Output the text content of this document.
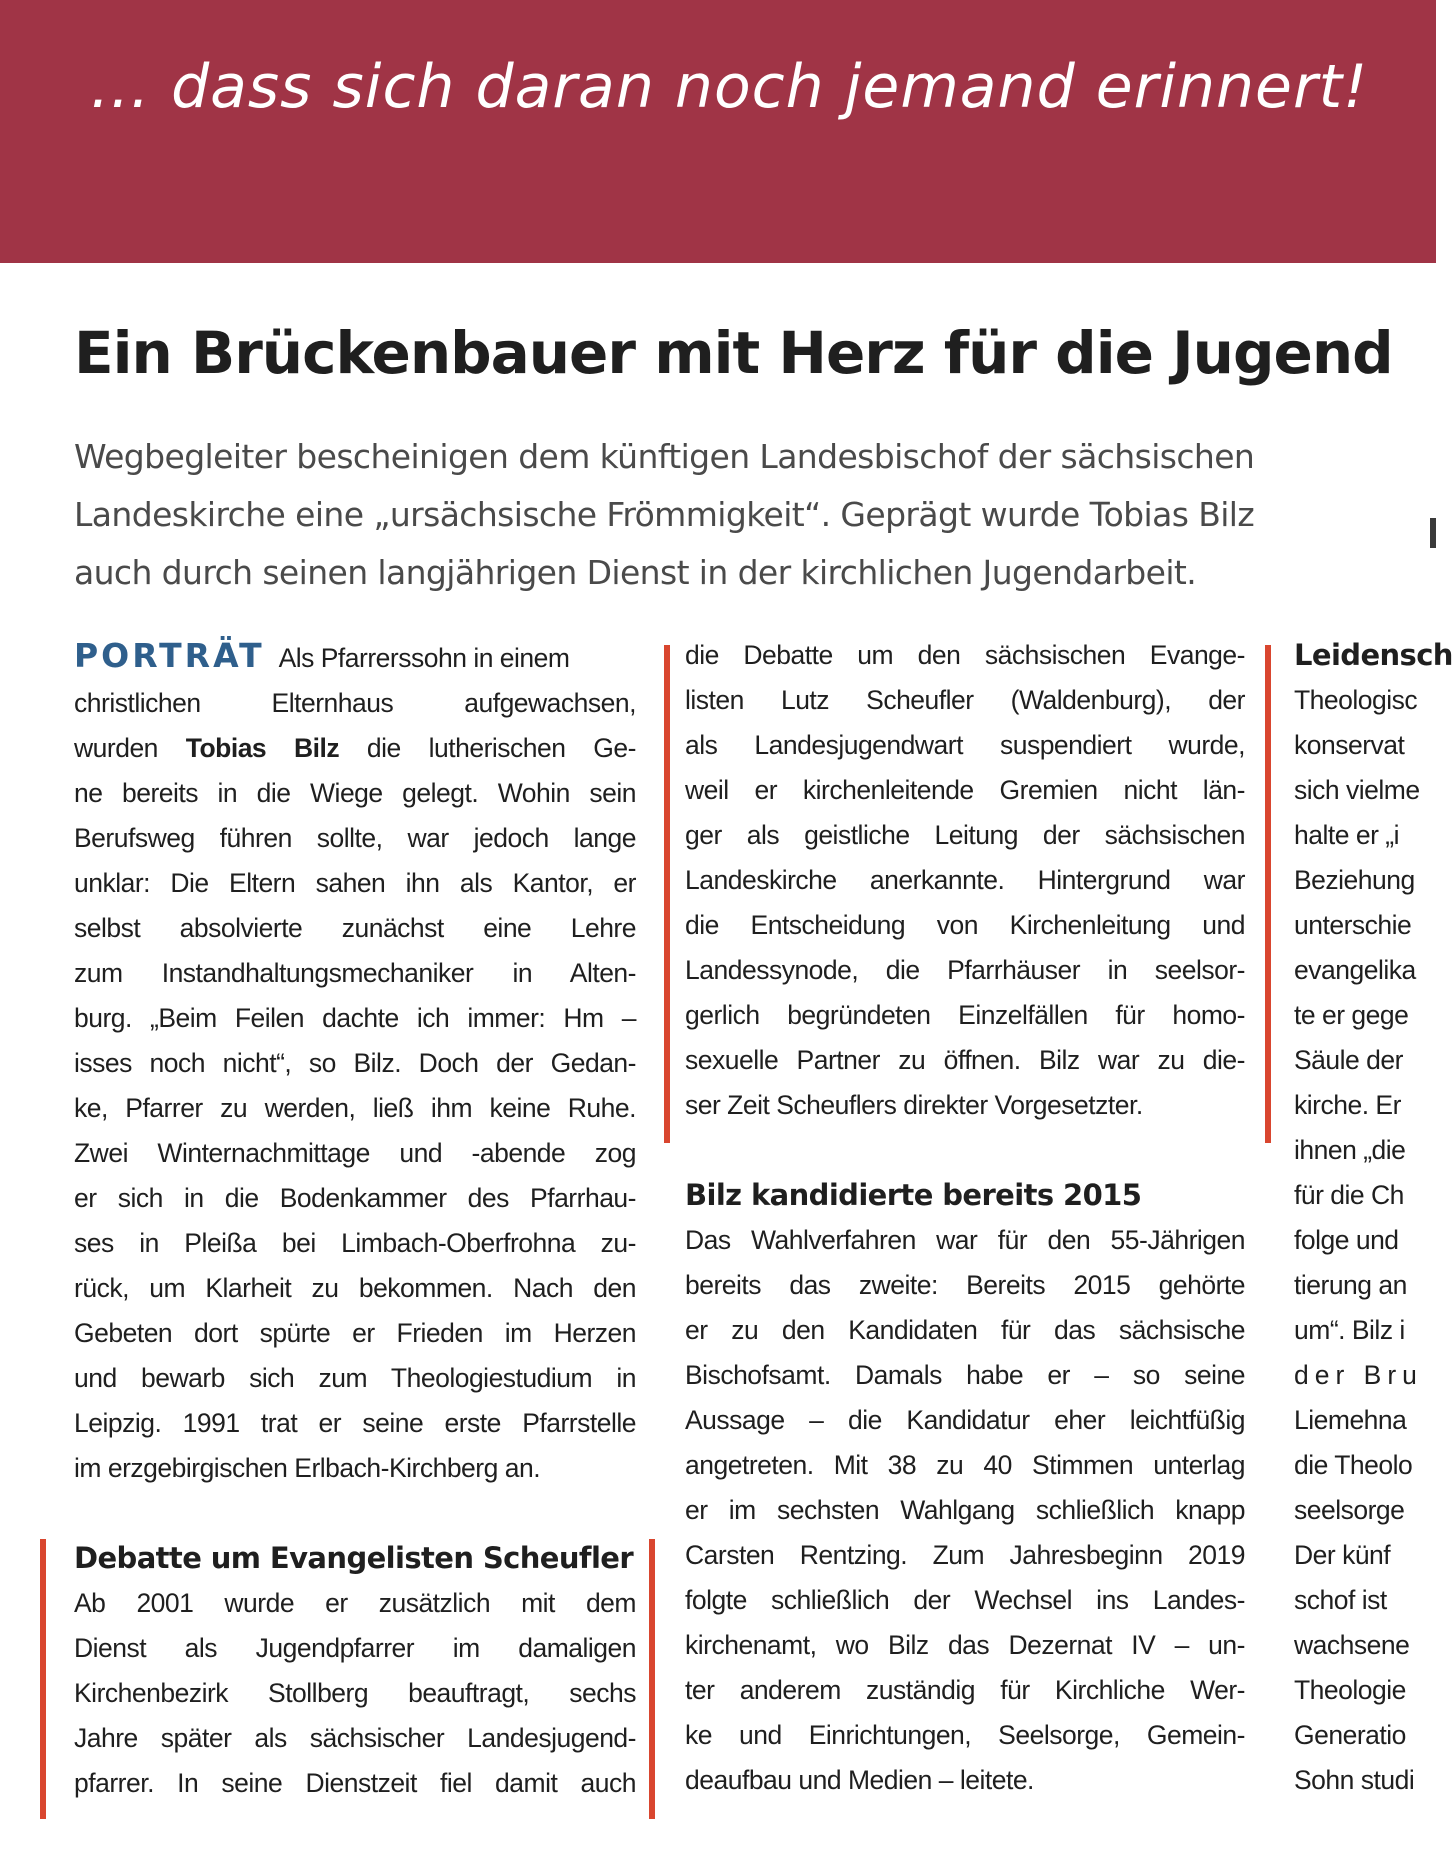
… dass sich daran noch jemand erinnert!
Ein Brückenbauer mit Herz für die Jugend
Wegbegleiter bescheinigen dem künftigen Landesbischof der sächsischen
Landeskirche eine „ursächsische Frömmigkeit“. Geprägt wurde Tobias Bilz
auch durch seinen langjährigen Dienst in der kirchlichen Jugendarbeit.
PORTRÄT Als Pfarrerssohn in einem
christlichen Elternhaus aufgewachsen,
wurden Tobias Bilz die lutherischen Ge-
ne bereits in die Wiege gelegt. Wohin sein
Berufsweg führen sollte, war jedoch lange
unklar: Die Eltern sahen ihn als Kantor, er
selbst absolvierte zunächst eine Lehre
zum Instandhaltungsmechaniker in Alten-
burg. „Beim Feilen dachte ich immer: Hm –
isses noch nicht“, so Bilz. Doch der Gedan-
ke, Pfarrer zu werden, ließ ihm keine Ruhe.
Zwei Winternachmittage und -abende zog
er sich in die Bodenkammer des Pfarrhau-
ses in Pleißa bei Limbach-Oberfrohna zu-
rück, um Klarheit zu bekommen. Nach den
Gebeten dort spürte er Frieden im Herzen
und bewarb sich zum Theologiestudium in
Leipzig. 1991 trat er seine erste Pfarrstelle
im erzgebirgischen Erlbach-Kirchberg an.

Debatte um Evangelisten Scheufler
Ab 2001 wurde er zusätzlich mit dem
Dienst als Jugendpfarrer im damaligen
Kirchenbezirk Stollberg beauftragt, sechs
Jahre später als sächsischer Landesjugend-
pfarrer. In seine Dienstzeit fiel damit auch
die Debatte um den sächsischen Evange-
listen Lutz Scheufler (Waldenburg), der
als Landesjugendwart suspendiert wurde,
weil er kirchenleitende Gremien nicht län-
ger als geistliche Leitung der sächsischen
Landeskirche anerkannte. Hintergrund war
die Entscheidung von Kirchenleitung und
Landessynode, die Pfarrhäuser in seelsor-
gerlich begründeten Einzelfällen für homo-
sexuelle Partner zu öffnen. Bilz war zu die-
ser Zeit Scheuflers direkter Vorgesetzter.

Bilz kandidierte bereits 2015
Das Wahlverfahren war für den 55-Jährigen
bereits das zweite: Bereits 2015 gehörte
er zu den Kandidaten für das sächsische
Bischofsamt. Damals habe er – so seine
Aussage – die Kandidatur eher leichtfüßig
angetreten. Mit 38 zu 40 Stimmen unterlag
er im sechsten Wahlgang schließlich knapp
Carsten Rentzing. Zum Jahresbeginn 2019
folgte schließlich der Wechsel ins Landes-
kirchenamt, wo Bilz das Dezernat IV – un-
ter anderem zuständig für Kirchliche Wer-
ke und Einrichtungen, Seelsorge, Gemein-
deaufbau und Medien – leitete.
Leidensch
Theologisc
konservat
sich vielme
halte er „i
Beziehung
unterschie
evangelika
te er gege
Säule der
kirche. Er
ihnen „die
für die Ch
folge und
tierung an
um“. Bilz i
der Bru
Liemehna
die Theolo
seelsorge
Der künf
schof ist
wachsene
Theologie
Generatio
Sohn studi
